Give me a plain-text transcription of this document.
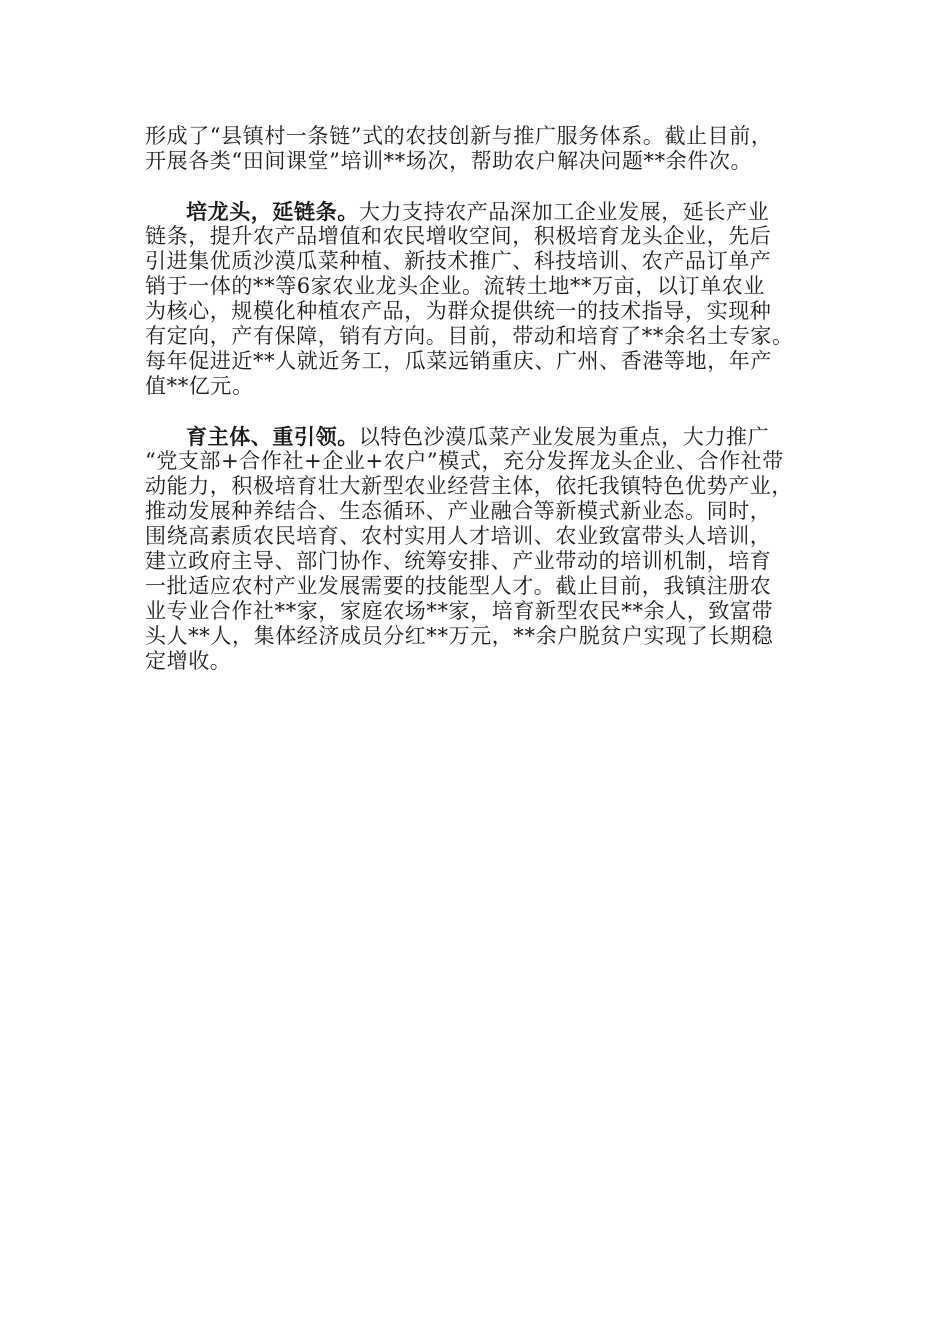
形成了“县镇村一条链”式的农技创新与推广服务体系。截止目前，
开展各类“田间课堂”培训**场次，帮助农户解决问题**余件次。
培龙头，延链条。大力支持农产品深加工企业发展，延长产业
链条，提升农产品增值和农民增收空间，积极培育龙头企业，先后
引进集优质沙漠瓜菜种植、新技术推广、科技培训、农产品订单产
销于一体的**等6家农业龙头企业。流转土地**万亩，以订单农业
为核心，规模化种植农产品，为群众提供统一的技术指导，实现种
有定向，产有保障，销有方向。目前，带动和培育了**余名土专家。
每年促进近**人就近务工，瓜菜远销重庆、广州、香港等地，年产
值**亿元。
育主体、重引领。以特色沙漠瓜菜产业发展为重点，大力推广
“党支部+合作社+企业+农户”模式，充分发挥龙头企业、合作社带
动能力，积极培育壮大新型农业经营主体，依托我镇特色优势产业，
推动发展种养结合、生态循环、产业融合等新模式新业态。同时，
围绕高素质农民培育、农村实用人才培训、农业致富带头人培训，
建立政府主导、部门协作、统筹安排、产业带动的培训机制，培育
一批适应农村产业发展需要的技能型人才。截止目前，我镇注册农
业专业合作社**家，家庭农场**家，培育新型农民**余人，致富带
头人**人，集体经济成员分红**万元，**余户脱贫户实现了长期稳
定增收。
